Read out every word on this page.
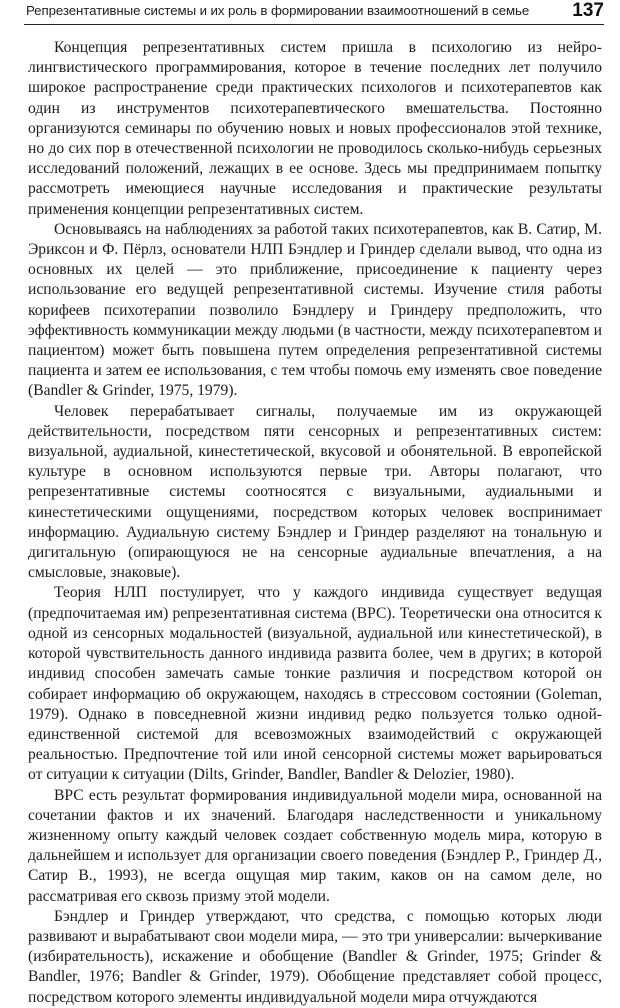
Репрезентативные системы и их роль в формировании взаимоотношений в семье 137

Концепция репрезентативных систем пришла в психологию из нейро-лингвистического программирования, которое в течение последних лет получило широкое распространение среди практических психологов и психотерапевтов как один из инструментов психотерапевтического вмешательства. Постоянно организуются семинары по обучению новых и новых профессионалов этой технике, но до сих пор в отечественной психологии не проводилось сколько-нибудь серьезных исследований положений, лежащих в ее основе. Здесь мы предпринимаем попытку рассмотреть имеющиеся научные исследования и практические результаты применения концепции репрезентативных систем.

Основываясь на наблюдениях за работой таких психотерапевтов, как В. Сатир, М. Эриксон и Ф. Пёрлз, основатели НЛП Бэндлер и Гриндер сделали вывод, что одна из основных их целей — это приближение, присоединение к пациенту через использование его ведущей репрезентативной системы. Изучение стиля работы корифеев психотерапии позволило Бэндлеру и Гриндеру предположить, что эффективность коммуникации между людьми (в частности, между психотерапевтом и пациентом) может быть повышена путем определения репрезентативной системы пациента и затем ее использования, с тем чтобы помочь ему изменять свое поведение (Bandler & Grinder, 1975, 1979).

Человек перерабатывает сигналы, получаемые им из окружающей действительности, посредством пяти сенсорных и репрезентативных систем: визуальной, аудиальной, кинестетической, вкусовой и обонятельной. В европейской культуре в основном используются первые три. Авторы полагают, что репрезентативные системы соотносятся с визуальными, аудиальными и кинестетическими ощущениями, посредством которых человек воспринимает информацию. Аудиальную систему Бэндлер и Гриндер разделяют на тональную и дигитальную (опирающуюся не на сенсорные аудиальные впечатления, а на смысловые, знаковые).

Теория НЛП постулирует, что у каждого индивида существует ведущая (предпочитаемая им) репрезентативная система (ВРС). Теоретически она относится к одной из сенсорных модальностей (визуальной, аудиальной или кинестетической), в которой чувствительность данного индивида развита более, чем в других; в которой индивид способен замечать самые тонкие различия и посредством которой он собирает информацию об окружающем, находясь в стрессовом состоянии (Goleman, 1979). Однако в повседневной жизни индивид редко пользуется только одной-единственной системой для всевозможных взаимодействий с окружающей реальностью. Предпочтение той или иной сенсорной системы может варьироваться от ситуации к ситуации (Dilts, Grinder, Bandler, Bandler & Delozier, 1980).

ВРС есть результат формирования индивидуальной модели мира, основанной на сочетании фактов и их значений. Благодаря наследственности и уникальному жизненному опыту каждый человек создает собственную модель мира, которую в дальнейшем и использует для организации своего поведения (Бэндлер Р., Гриндер Д., Сатир В., 1993), не всегда ощущая мир таким, каков он на самом деле, но рассматривая его сквозь призму этой модели.

Бэндлер и Гриндер утверждают, что средства, с помощью которых люди развивают и вырабатывают свои модели мира, — это три универсалии: вычеркивание (избирательность), искажение и обобщение (Bandler & Grinder, 1975; Grinder & Bandler, 1976; Bandler & Grinder, 1979). Обобщение представляет собой процесс, посредством которого элементы индивидуальной модели мира отчуждаются
